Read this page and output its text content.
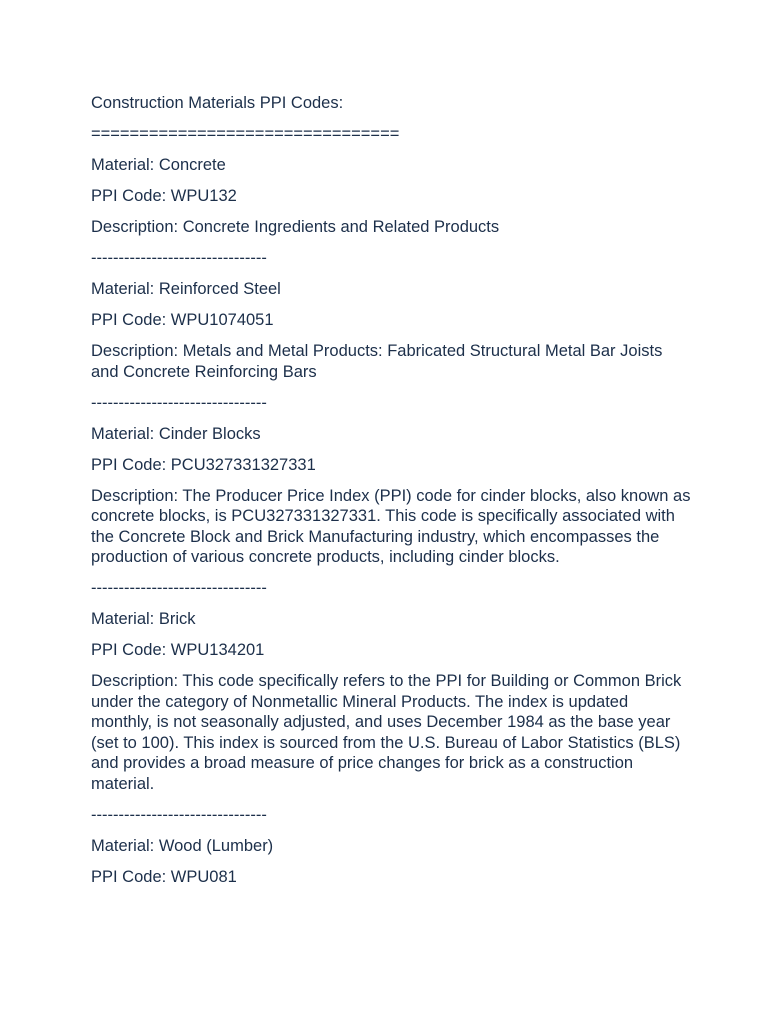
Construction Materials PPI Codes:
================================
Material: Concrete
PPI Code: WPU132
Description: Concrete Ingredients and Related Products
--------------------------------
Material: Reinforced Steel
PPI Code: WPU1074051
Description: Metals and Metal Products: Fabricated Structural Metal Bar Joists and Concrete Reinforcing Bars
--------------------------------
Material: Cinder Blocks
PPI Code: PCU327331327331
Description: The Producer Price Index (PPI) code for cinder blocks, also known as concrete blocks, is PCU327331327331. This code is specifically associated with the Concrete Block and Brick Manufacturing industry, which encompasses the production of various concrete products, including cinder blocks.
--------------------------------
Material: Brick
PPI Code: WPU134201
Description: This code specifically refers to the PPI for Building or Common Brick under the category of Nonmetallic Mineral Products. The index is updated monthly, is not seasonally adjusted, and uses December 1984 as the base year (set to 100). This index is sourced from the U.S. Bureau of Labor Statistics (BLS) and provides a broad measure of price changes for brick as a construction material.
--------------------------------
Material: Wood (Lumber)
PPI Code: WPU081
